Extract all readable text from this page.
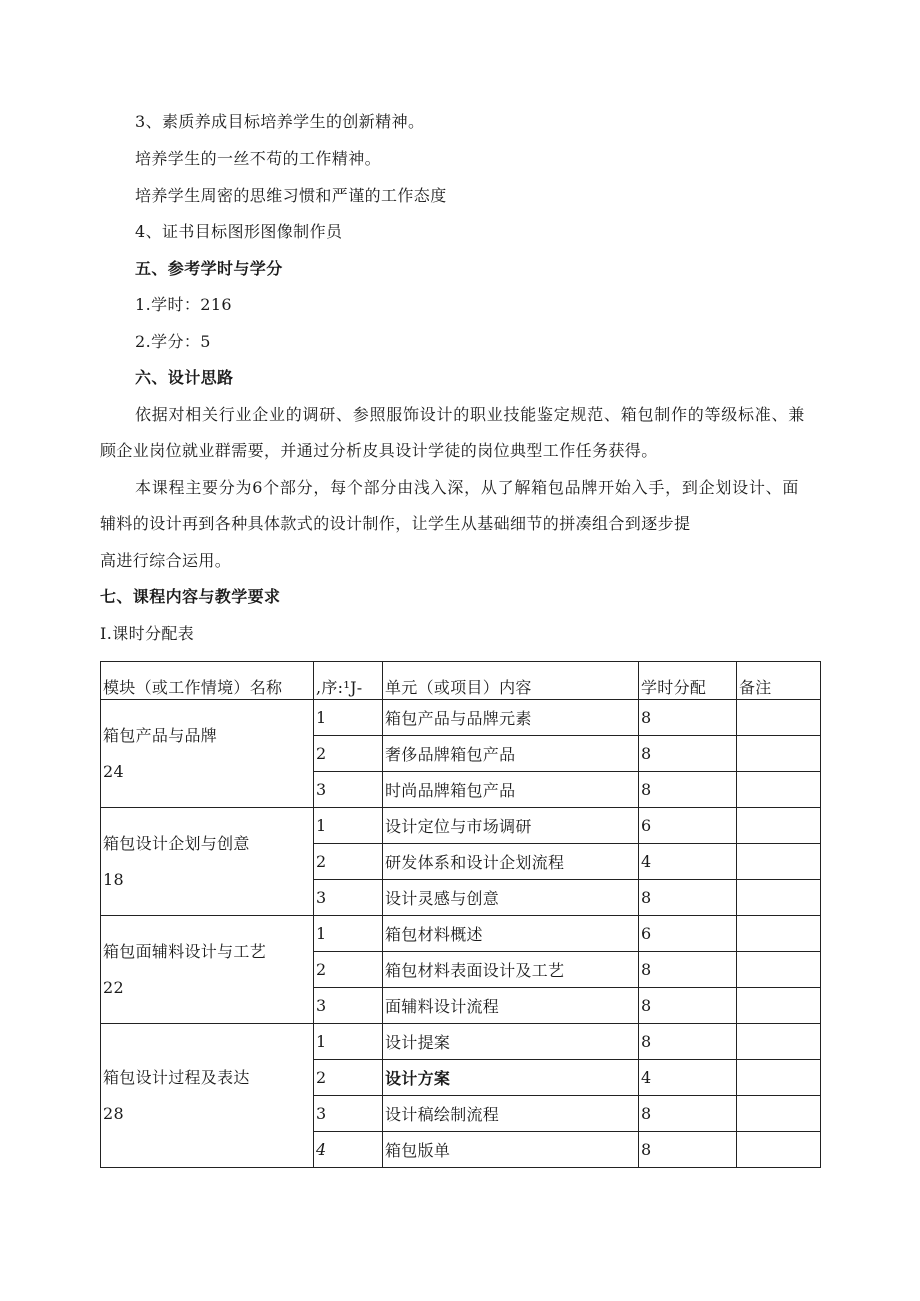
3、素质养成目标培养学生的创新精神。
培养学生的一丝不苟的工作精神。
培养学生周密的思维习惯和严谨的工作态度
4、证书目标图形图像制作员
五、参考学时与学分
1.学时：216
2.学分：5
六、设计思路
依据对相关行业企业的调研、参照服饰设计的职业技能鉴定规范、箱包制作的等级标准、兼
顾企业岗位就业群需要，并通过分析皮具设计学徒的岗位典型工作任务获得。
本课程主要分为6个部分，每个部分由浅入深，从了解箱包品牌开始入手，到企划设计、面
辅料的设计再到各种具体款式的设计制作，让学生从基础细节的拼凑组合到逐步提
高进行综合运用。
七、课程内容与教学要求
I.课时分配表
模块（或工作情境）名称	,序:¹J-	单元（或项目）内容	学时分配	备注

箱包产品与品牌
24	1	箱包产品与品牌元素	8	
	2	奢侈品牌箱包产品	8	
	3	时尚品牌箱包产品	8	

箱包设计企划与创意
18	1	设计定位与市场调研	6	
	2	研发体系和设计企划流程	4	
	3	设计灵感与创意	8	

箱包面辅料设计与工艺
22	1	箱包材料概述	6	
	2	箱包材料表面设计及工艺	8	
	3	面辅料设计流程	8	

箱包设计过程及表达
28	1	设计提案	8	
	2	设计方案	4	
	3	设计稿绘制流程	8	
	4	箱包版单	8	
